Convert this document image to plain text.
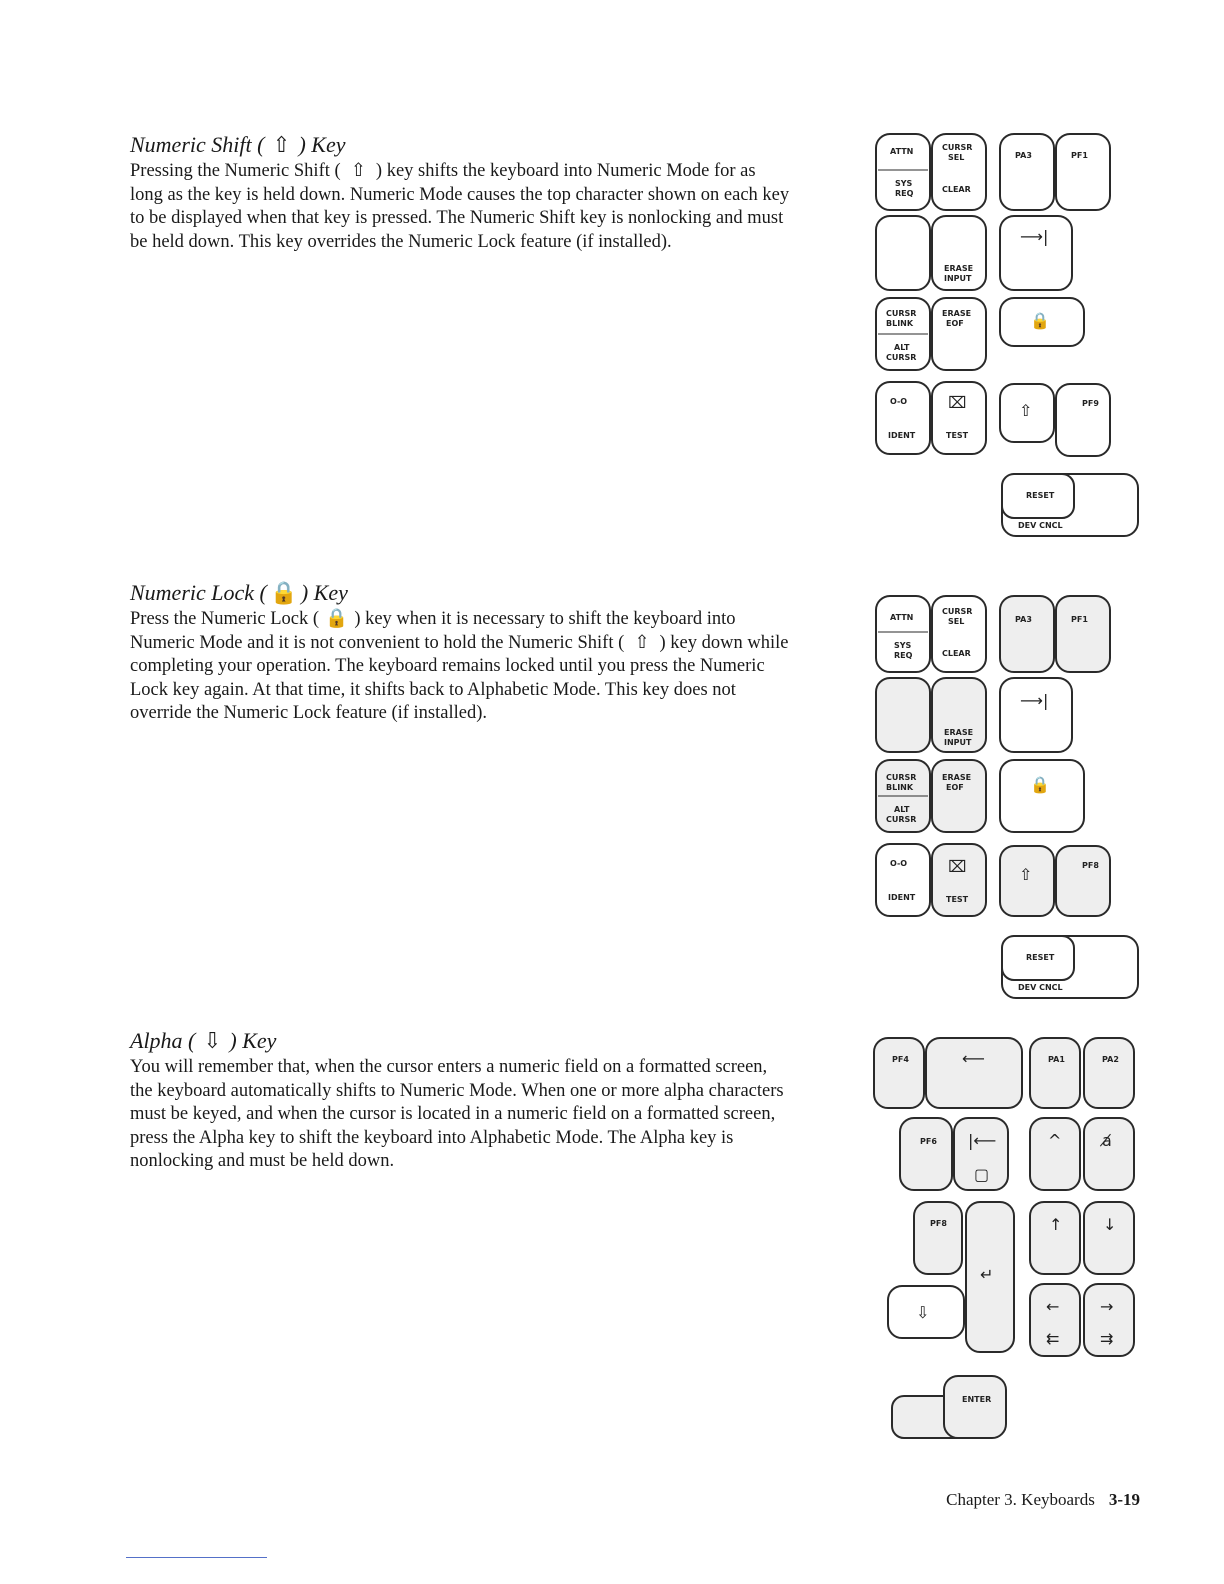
Numeric Shift ( ⇧ ) Key

Pressing the Numeric Shift ( ⇧ ) key shifts the keyboard into Numeric Mode for as long as the key is held down. Numeric Mode causes the top character shown on each key to be displayed when that key is pressed. The Numeric Shift key is nonlocking and must be held down. This key overrides the Numeric Lock feature (if installed).

Numeric Lock ( 🔒 ) Key

Press the Numeric Lock ( 🔒 ) key when it is necessary to shift the keyboard into Numeric Mode and it is not convenient to hold the Numeric Shift ( ⇧ ) key down while completing your operation. The keyboard remains locked until you press the Numeric Lock key again. At that time, it shifts back to Alphabetic Mode. This key does not override the Numeric Lock feature (if installed).

Alpha ( ⇩ ) Key

You will remember that, when the cursor enters a numeric field on a formatted screen, the keyboard automatically shifts to Numeric Mode. When one or more alpha characters must be keyed, and when the cursor is located in a numeric field on a formatted screen, press the Alpha key to shift the keyboard into Alphabetic Mode. The Alpha key is nonlocking and must be held down.

ATTN
SYS
REQ
CURSR
SEL
CLEAR
PA3	PF1
ERASE
INPUT
⟶|
CURSR
BLINK
ALT
CURSR
ERASE
EOF	🔒
O-O
IDENT
⌧
TEST
⇧	PF9
RESET
DEV CNCL
ATTN
SYS
REQ
CURSR
SEL
CLEAR
PA3	PF1
ERASE
INPUT
⟶|
CURSR
BLINK
ALT
CURSR
ERASE
EOF	🔒
O-O
IDENT
⌧
TEST
⇧	PF8
RESET
DEV CNCL
PF4	⟵	PA1	PA2
PF6 |⟵
▢
^	a̸
PF8
↵
↑	↓
⇩	←
⇇
→
⇉
ENTER
Chapter 3. Keyboards 3-19
